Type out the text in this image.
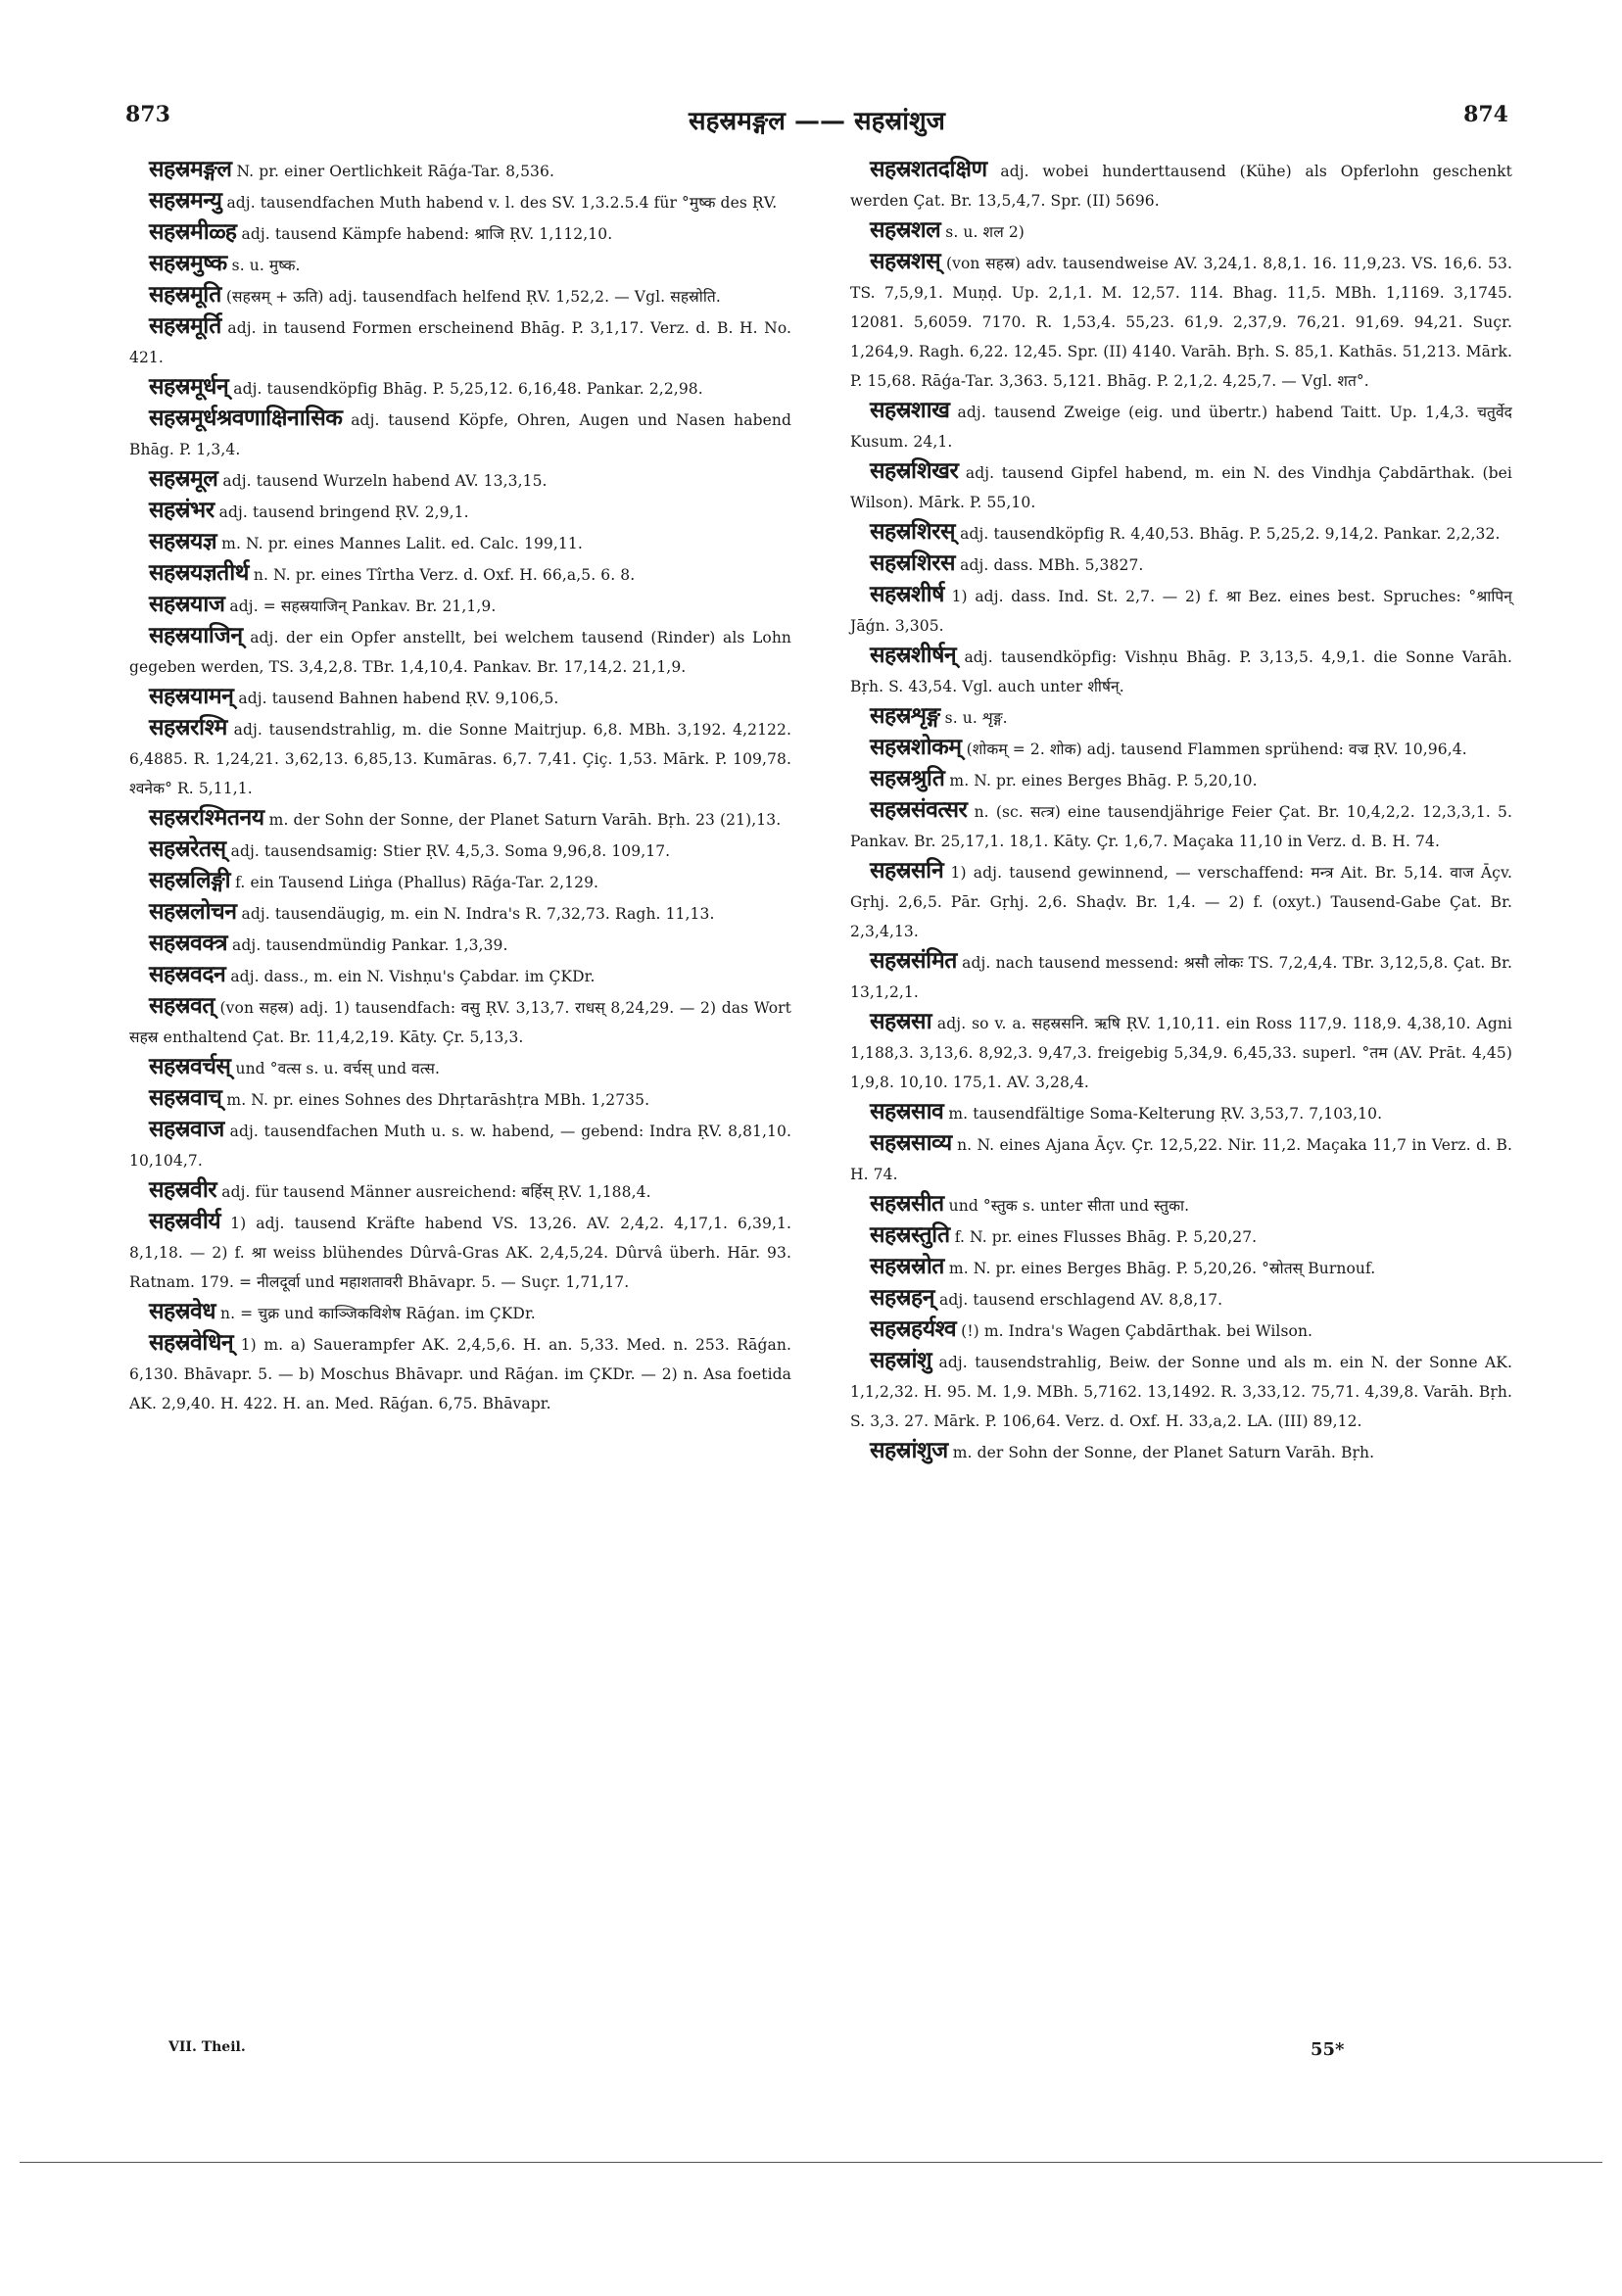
873	सहस्रमङ्गल —— सहस्रांशुज	874

सहस्रमङ्गल N. pr. einer Oertlichkeit Rāǵa-Tar. 8,536.

सहस्रमन्यु adj. tausendfachen Muth habend v. l. des SV. 1,3.2.5.4 für °मुष्क des ṚV.

सहस्रमीळ्ह adj. tausend Kämpfe habend: श्राजि ṚV. 1,112,10.

सहस्रमुष्क s. u. मुष्क.

सहस्रमूति (सहस्रम् + ऊति) adj. tausendfach helfend ṚV. 1,52,2. — Vgl. सहस्रोति.

सहस्रमूर्ति adj. in tausend Formen erscheinend Bhāg. P. 3,1,17. Verz. d. B. H. No. 421.

सहस्रमूर्धन् adj. tausendköpfig Bhāg. P. 5,25,12. 6,16,48. Pankar. 2,2,98.

सहस्रमूर्धश्रवणाक्षिनासिक adj. tausend Köpfe, Ohren, Augen und Nasen habend Bhāg. P. 1,3,4.

सहस्रमूल adj. tausend Wurzeln habend AV. 13,3,15.

सहस्रंभर adj. tausend bringend ṚV. 2,9,1.

सहस्रयज्ञ m. N. pr. eines Mannes Lalit. ed. Calc. 199,11.

सहस्रयज्ञतीर्थ n. N. pr. eines Tîrtha Verz. d. Oxf. H. 66,a,5. 6. 8.

सहस्रयाज adj. = सहस्रयाजिन् Pankav. Br. 21,1,9.

सहस्रयाजिन् adj. der ein Opfer anstellt, bei welchem tausend (Rinder) als Lohn gegeben werden, TS. 3,4,2,8. TBr. 1,4,10,4. Pankav. Br. 17,14,2. 21,1,9.

सहस्रयामन् adj. tausend Bahnen habend ṚV. 9,106,5.

सहस्ररश्मि adj. tausendstrahlig, m. die Sonne Maitrjup. 6,8. MBh. 3,192. 4,2122. 6,4885. R. 1,24,21. 3,62,13. 6,85,13. Kumāras. 6,7. 7,41. Çiç. 1,53. Mārk. P. 109,78. श्वनेक° R. 5,11,1.

सहस्ररश्मितनय m. der Sohn der Sonne, der Planet Saturn Varāh. Bṛh. 23 (21),13.

सहस्ररेतस् adj. tausendsamig: Stier ṚV. 4,5,3. Soma 9,96,8. 109,17.

सहस्रलिङ्गी f. ein Tausend Liṅga (Phallus) Rāǵa-Tar. 2,129.

सहस्रलोचन adj. tausendäugig, m. ein N. Indra's R. 7,32,73. Ragh. 11,13.

सहस्रवक्त्र adj. tausendmündig Pankar. 1,3,39.

सहस्रवदन adj. dass., m. ein N. Vishṇu's Çabdar. im ÇKDr.

सहस्रवत् (von सहस्र) adj. 1) tausendfach: वसु ṚV. 3,13,7. राधस् 8,24,29. — 2) das Wort सहस्र enthaltend Çat. Br. 11,4,2,19. Kāty. Çr. 5,13,3.

सहस्रवर्चस् und °वत्स s. u. वर्चस् und वत्स.

सहस्रवाच् m. N. pr. eines Sohnes des Dhṛtarāshṭra MBh. 1,2735.

सहस्रवाज adj. tausendfachen Muth u. s. w. habend, — gebend: Indra ṚV. 8,81,10. 10,104,7.

सहस्रवीर adj. für tausend Männer ausreichend: बर्हिस् ṚV. 1,188,4.

सहस्रवीर्य 1) adj. tausend Kräfte habend VS. 13,26. AV. 2,4,2. 4,17,1. 6,39,1. 8,1,18. — 2) f. श्रा weiss blühendes Dûrvâ-Gras AK. 2,4,5,24. Dûrvâ überh. Hār. 93. Ratnam. 179. = नीलदूर्वा und महाशतावरी Bhāvapr. 5. — Suçr. 1,71,17.

सहस्रवेध n. = चुक्र und काञ्जिकविशेष Rāǵan. im ÇKDr.

सहस्रवेधिन् 1) m. a) Sauerampfer AK. 2,4,5,6. H. an. 5,33. Med. n. 253. Rāǵan. 6,130. Bhāvapr. 5. — b) Moschus Bhāvapr. und Rāǵan. im ÇKDr. — 2) n. Asa foetida AK. 2,9,40. H. 422. H. an. Med. Rāǵan. 6,75. Bhāvapr.

सहस्रशतदक्षिण adj. wobei hunderttausend (Kühe) als Opferlohn geschenkt werden Çat. Br. 13,5,4,7. Spr. (II) 5696.

सहस्रशल s. u. शल 2)

सहस्रशस् (von सहस्र) adv. tausendweise AV. 3,24,1. 8,8,1. 16. 11,9,23. VS. 16,6. 53. TS. 7,5,9,1. Muṇḍ. Up. 2,1,1. M. 12,57. 114. Bhag. 11,5. MBh. 1,1169. 3,1745. 12081. 5,6059. 7170. R. 1,53,4. 55,23. 61,9. 2,37,9. 76,21. 91,69. 94,21. Suçr. 1,264,9. Ragh. 6,22. 12,45. Spr. (II) 4140. Varāh. Bṛh. S. 85,1. Kathās. 51,213. Mārk. P. 15,68. Rāǵa-Tar. 3,363. 5,121. Bhāg. P. 2,1,2. 4,25,7. — Vgl. शत°.

सहस्रशाख adj. tausend Zweige (eig. und übertr.) habend Taitt. Up. 1,4,3. चतुर्वेद Kusum. 24,1.

सहस्रशिखर adj. tausend Gipfel habend, m. ein N. des Vindhja Çabdārthak. (bei Wilson). Mārk. P. 55,10.

सहस्रशिरस् adj. tausendköpfig R. 4,40,53. Bhāg. P. 5,25,2. 9,14,2. Pankar. 2,2,32.

सहस्रशिरस adj. dass. MBh. 5,3827.

सहस्रशीर्ष 1) adj. dass. Ind. St. 2,7. — 2) f. श्रा Bez. eines best. Spruches: °श्रापिन् Jāǵn. 3,305.

सहस्रशीर्षन् adj. tausendköpfig: Vishṇu Bhāg. P. 3,13,5. 4,9,1. die Sonne Varāh. Bṛh. S. 43,54. Vgl. auch unter शीर्षन्.

सहस्रशृङ्ग s. u. शृङ्ग.

सहस्रशोकम् (शोकम् = 2. शोक) adj. tausend Flammen sprühend: वज्र ṚV. 10,96,4.

सहस्रश्रुति m. N. pr. eines Berges Bhāg. P. 5,20,10.

सहस्रसंवत्सर n. (sc. सत्त्र) eine tausendjährige Feier Çat. Br. 10,4,2,2. 12,3,3,1. 5. Pankav. Br. 25,17,1. 18,1. Kāty. Çr. 1,6,7. Maçaka 11,10 in Verz. d. B. H. 74.

सहस्रसनि 1) adj. tausend gewinnend, — verschaffend: मन्त्र Ait. Br. 5,14. वाज Āçv. Gṛhj. 2,6,5. Pār. Gṛhj. 2,6. Shaḍv. Br. 1,4. — 2) f. (oxyt.) Tausend-Gabe Çat. Br. 2,3,4,13.

सहस्रसंमित adj. nach tausend messend: श्रसौ लोकः TS. 7,2,4,4. TBr. 3,12,5,8. Çat. Br. 13,1,2,1.

सहस्रसा adj. so v. a. सहस्रसनि. ऋषि ṚV. 1,10,11. ein Ross 117,9. 118,9. 4,38,10. Agni 1,188,3. 3,13,6. 8,92,3. 9,47,3. freigebig 5,34,9. 6,45,33. superl. °तम (AV. Prāt. 4,45) 1,9,8. 10,10. 175,1. AV. 3,28,4.

सहस्रसाव m. tausendfältige Soma-Kelterung ṚV. 3,53,7. 7,103,10.

सहस्रसाव्य n. N. eines Ajana Āçv. Çr. 12,5,22. Nir. 11,2. Maçaka 11,7 in Verz. d. B. H. 74.

सहस्रसीत und °स्तुक s. unter सीता und स्तुका.

सहस्रस्तुति f. N. pr. eines Flusses Bhāg. P. 5,20,27.

सहस्रस्रोत m. N. pr. eines Berges Bhāg. P. 5,20,26. °स्रोतस् Burnouf.

सहस्रहन् adj. tausend erschlagend AV. 8,8,17.

सहस्रहर्यश्व (!) m. Indra's Wagen Çabdārthak. bei Wilson.

सहस्रांशु adj. tausendstrahlig, Beiw. der Sonne und als m. ein N. der Sonne AK. 1,1,2,32. H. 95. M. 1,9. MBh. 5,7162. 13,1492. R. 3,33,12. 75,71. 4,39,8. Varāh. Bṛh. S. 3,3. 27. Mārk. P. 106,64. Verz. d. Oxf. H. 33,a,2. LA. (III) 89,12.

सहस्रांशुज m. der Sohn der Sonne, der Planet Saturn Varāh. Bṛh.

VII. Theil.	55*
